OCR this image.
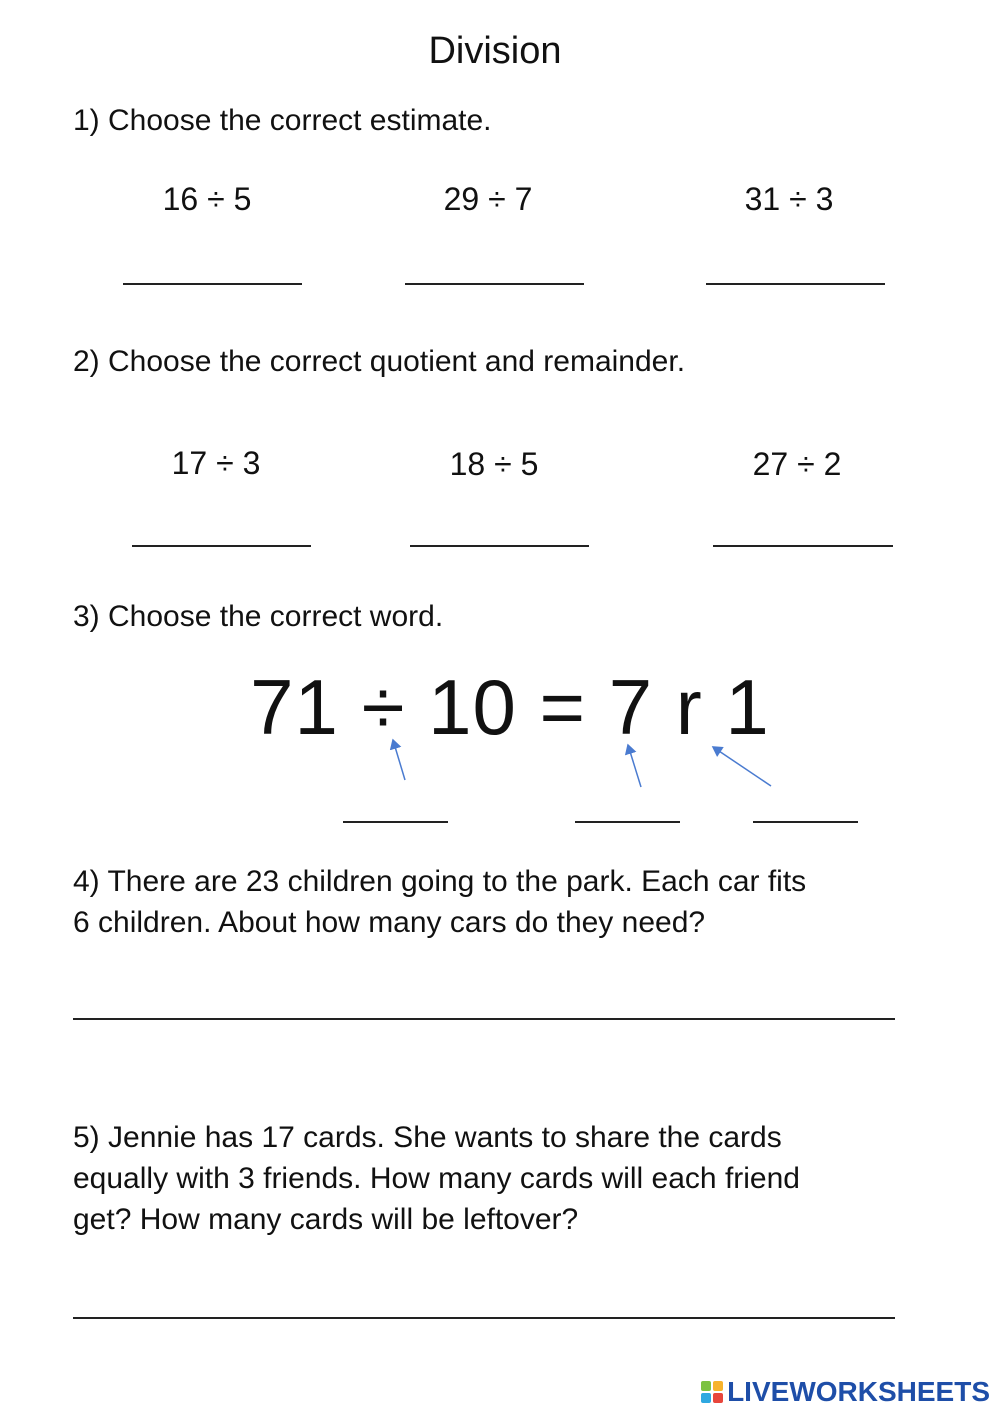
Division
1) Choose the correct estimate.
16 ÷ 5	29 ÷ 7	31 ÷ 3
2) Choose the correct quotient and remainder.
17 ÷ 3	18 ÷ 5	27 ÷ 2
3) Choose the correct word.
71 ÷ 10 = 7 r 1
4) There are 23 children going to the park. Each car fits
6 children. About how many cars do they need?
5) Jennie has 17 cards. She wants to share the cards
equally with 3 friends. How many cards will each friend
get? How many cards will be leftover?
LIVEWORKSHEETS
